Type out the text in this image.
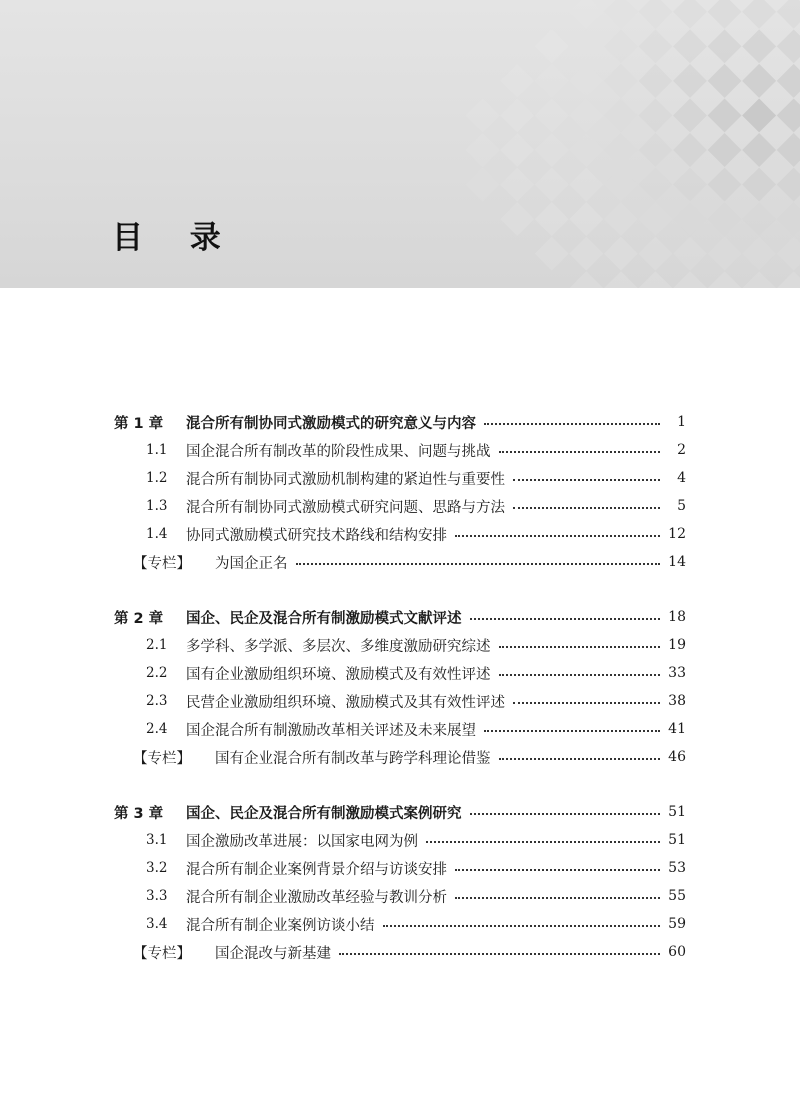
目 录
第 1 章	混合所有制协同式激励模式的研究意义与内容	1
1.1	国企混合所有制改革的阶段性成果、问题与挑战	2
1.2	混合所有制协同式激励机制构建的紧迫性与重要性	4
1.3	混合所有制协同式激励模式研究问题、思路与方法	5
1.4	协同式激励模式研究技术路线和结构安排	12
【专栏】	为国企正名	14
第 2 章	国企、民企及混合所有制激励模式文献评述	18
2.1	多学科、多学派、多层次、多维度激励研究综述	19
2.2	国有企业激励组织环境、激励模式及有效性评述	33
2.3	民营企业激励组织环境、激励模式及其有效性评述	38
2.4	国企混合所有制激励改革相关评述及未来展望	41
【专栏】	国有企业混合所有制改革与跨学科理论借鉴	46
第 3 章	国企、民企及混合所有制激励模式案例研究	51
3.1	国企激励改革进展：以国家电网为例	51
3.2	混合所有制企业案例背景介绍与访谈安排	53
3.3	混合所有制企业激励改革经验与教训分析	55
3.4	混合所有制企业案例访谈小结	59
【专栏】	国企混改与新基建	60
